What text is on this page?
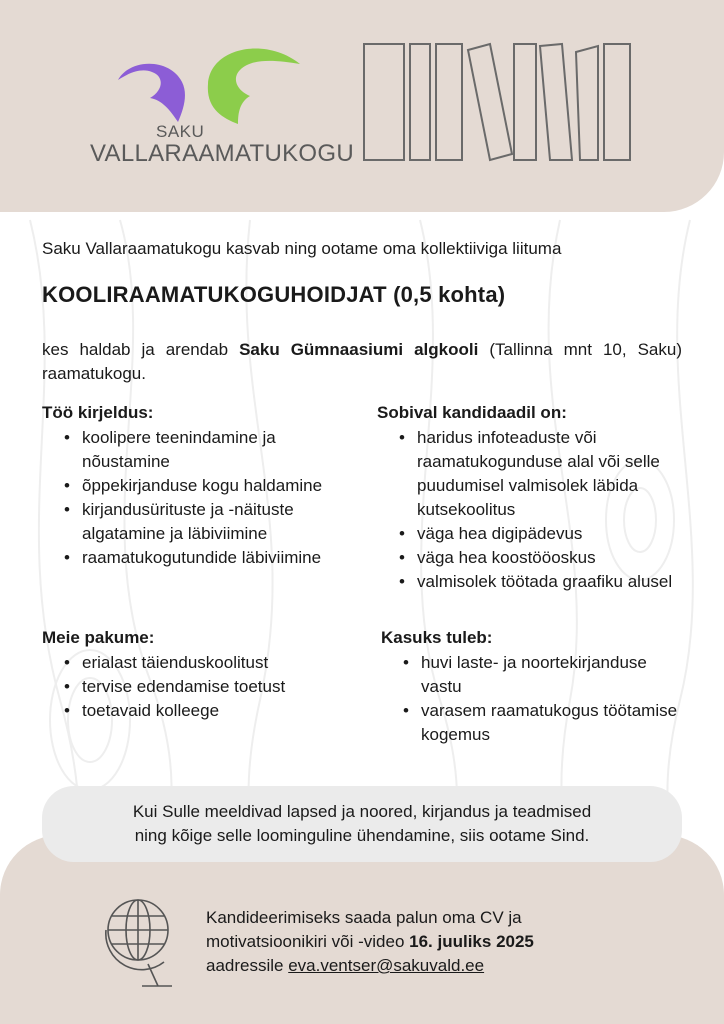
SAKU
VALLARAAMATUKOGU
Saku Vallaraamatukogu kasvab ning ootame oma kollektiiviga liituma
KOOLIRAAMATUKOGUHOIDJAT (0,5 kohta)
kes haldab ja arendab Saku Gümnaasiumi algkooli (Tallinna mnt 10, Saku) raamatukogu.
Töö kirjeldus:
• koolipere teenindamine ja nõustamine
• õppekirjanduse kogu haldamine
• kirjandusürituste ja -näituste algatamine ja läbiviimine
• raamatukogutundide läbiviimine
Sobival kandidaadil on:
• haridus infoteaduste või raamatukogunduse alal või selle puudumisel valmisolek läbida kutsekoolitus
• väga hea digipädevus
• väga hea koostööoskus
• valmisolek töötada graafiku alusel
Meie pakume:
• erialast täienduskoolitust
• tervise edendamise toetust
• toetavaid kolleege
Kasuks tuleb:
• huvi laste- ja noortekirjanduse vastu
• varasem raamatukogus töötamise kogemus
Kui Sulle meeldivad lapsed ja noored, kirjandus ja teadmised
ning kõige selle loominguline ühendamine, siis ootame Sind.
Kandideerimiseks saada palun oma CV ja
motivatsioonikiri või -video 16. juuliks 2025
aadressile eva.ventser@sakuvald.ee
